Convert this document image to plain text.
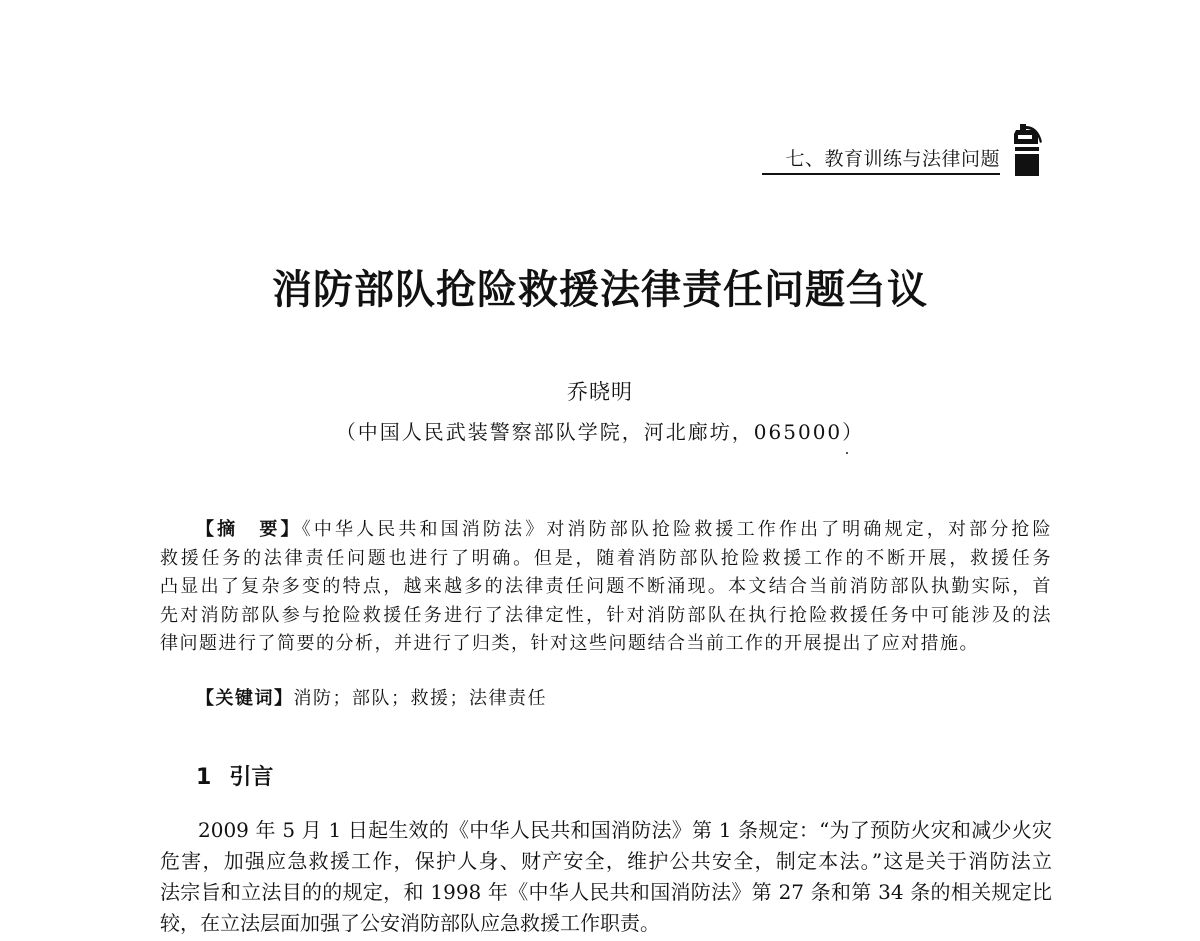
七、教育训练与法律问题
消防部队抢险救援法律责任问题刍议
乔晓明
（中国人民武装警察部队学院，河北廊坊，065000）
【摘　要】《中华人民共和国消防法》对消防部队抢险救援工作作出了明确规定，对部分抢险
救援任务的法律责任问题也进行了明确。但是，随着消防部队抢险救援工作的不断开展，救援任务
凸显出了复杂多变的特点，越来越多的法律责任问题不断涌现。本文结合当前消防部队执勤实际，首
先对消防部队参与抢险救援任务进行了法律定性，针对消防部队在执行抢险救援任务中可能涉及的法
律问题进行了简要的分析，并进行了归类，针对这些问题结合当前工作的开展提出了应对措施。
【关键词】消防；部队；救援；法律责任
1 引言
2009 年 5 月 1 日起生效的《中华人民共和国消防法》第 1 条规定：“为了预防火灾和减少火灾
危害，加强应急救援工作，保护人身、财产安全，维护公共安全，制定本法。”这是关于消防法立
法宗旨和立法目的的规定，和 1998 年《中华人民共和国消防法》第 27 条和第 34 条的相关规定比
较，在立法层面加强了公安消防部队应急救援工作职责。
